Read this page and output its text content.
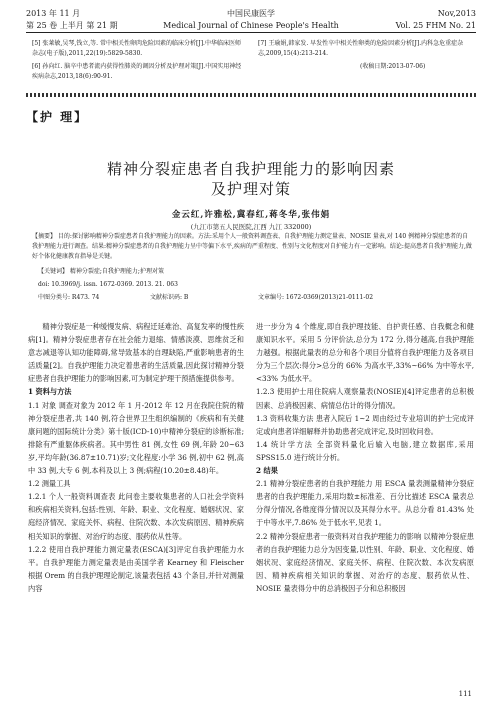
2013 年 11 月
第 25 卷 上半月 第 21 期
中国民康医学
Medical Journal of Chinese People's Health
Nov,2013
Vol. 25 FHM No. 21
[5] 张莱敏,吴琴,钱立,等. 常中相关性卵肉危险因素的临床分析[J].中华临床医师杂志(电子版),2011,22(19):5829-5830.
[6] 孙向红. 脑卒中患者流内获得性肺炎的调因分析及护理对策[J].中国实用神经疾病杂志,2013,18(6):90-91.
[7] 王瑜娟,韩家发. 早发性卒中相关性卵类的危险因素分析[J].内科急危重症杂志,2009,15(4):213-214.
(收稿日期:2013-07-06)
【护 理】
精神分裂症患者自我护理能力的影响因素
及护理对策
金云红,许雅松,冀春红,蒋冬华,张伟娟
(九江市第五人民医院,江西 九江 332000)
【摘要】 目的:探讨影响精神分裂症患者自我护理能力的因素。方法:采用个人一般资料调查表、自我护理能力测定量表、NOSIE 量表,对 140 例精神分裂症患者的自我护理能力进行调查。结果:精神分裂症患者的自我护理能力呈中等偏下水平,疾病的严重程度、性别与文化程度对自护能力有一定影响。结论:提高患者自我护理能力,做好个体化健康教育指导是关键。
【关键词】 精神分裂症;自我护理能力;护理对策
doi: 10.3969/j. issn. 1672-0369. 2013. 21. 063
中图分类号: R473. 74	文献标识码: B	文章编号: 1672-0369(2013)21-0111-02

精神分裂症是一种缓慢发病、病程迁延难治、高复发率的慢性疾病[1]。精神分裂症患者存在社会能力退缩、情感淡漠、思维贫乏和意志减退等认知功能障碍,常导致基本的自理缺陷,严重影响患者的生活质量[2]。自我护理能力决定着患者的生活质量,因此探讨精神分裂症患者自我护理能力的影响因素,可为制定护理干预措施提供参考。

1 资料与方法

1.1 对象 调查对象为 2012 年 1 月-2012 年 12 月在我院住院的精神分裂症患者,共 140 例,符合世界卫生组织编制的《疾病和有关健康问题的国际统计分类》第十版(ICD-10)中精神分裂症的诊断标准;排除有严重躯体疾病者。其中男性 81 例,女性 69 例,年龄 20~63 岁,平均年龄(36.87±10.71)岁;文化程度:小学 36 例,初中 62 例,高中 33 例,大专 6 例,本科及以上 3 例;病程(10.20±8.48)年。

1.2 测量工具

1.2.1 个人一般资料调查表 此问卷主要收集患者的人口社会学资料和疾病相关资料,包括:性别、年龄、职业、文化程度、婚姻状况、家庭经济情况、家庭关怀、病程、住院次数、本次发病原因、精神疾病相关知识的掌握、对治疗的态度、服药依从性等。

1.2.2 使用自我护理能力测定量表(ESCA)[3]评定自我护理能力水平。自我护理能力测定量表是由美国学者 Kearney 和 Fleischer 根据 Orem 的自我护理理论制定,该量表包括 43 个条目,并针对测量内容

进一步分为 4 个维度,即自我护理技能、自护责任感、自我概念和健康知识水平。采用 5 分评价法,总分为 172 分,得分越高,自我护理能力越强。根据此量表的总分和各个项目分值将自我护理能力及各项目分为三个层次:得分>总分的 66% 为高水平,33%~66% 为中等水平,<33% 为低水平。

1.2.3 使用护士用住院病人观察量表(NOSIE)[4]评定患者的总积极因素、总消极因素、病情总估计的得分情况。

1.3 资料收集方法 患者入院后 1~2 周由经过专业培训的护士完成评定或向患者详细解释并协助患者完成评定,及时回收问卷。

1.4 统计学方法 全部资料量化后输入电脑,建立数据库,采用 SPSS15.0 进行统计分析。

2 结果

2.1 精神分裂症患者的自我护理能力 用 ESCA 量表测量精神分裂症患者的自我护理能力,采用均数±标准差、百分比描述 ESCA 量表总分得分情况,各维度得分情况以及其得分水平。从总分看 81.43% 处于中等水平,7.86% 处于低水平,见表 1。

2.2 精神分裂症患者一般资料对自我护理能力的影响 以精神分裂症患者的自我护理能力总分为因变量,以性别、年龄、职业、文化程度、婚姻状况、家庭经济情况、家庭关怀、病程、住院次数、本次发病原因、精神疾病相关知识的掌握、对治疗的态度、服药依从性、NOSIE 量表得分中的总消极因子分和总积极因

111
